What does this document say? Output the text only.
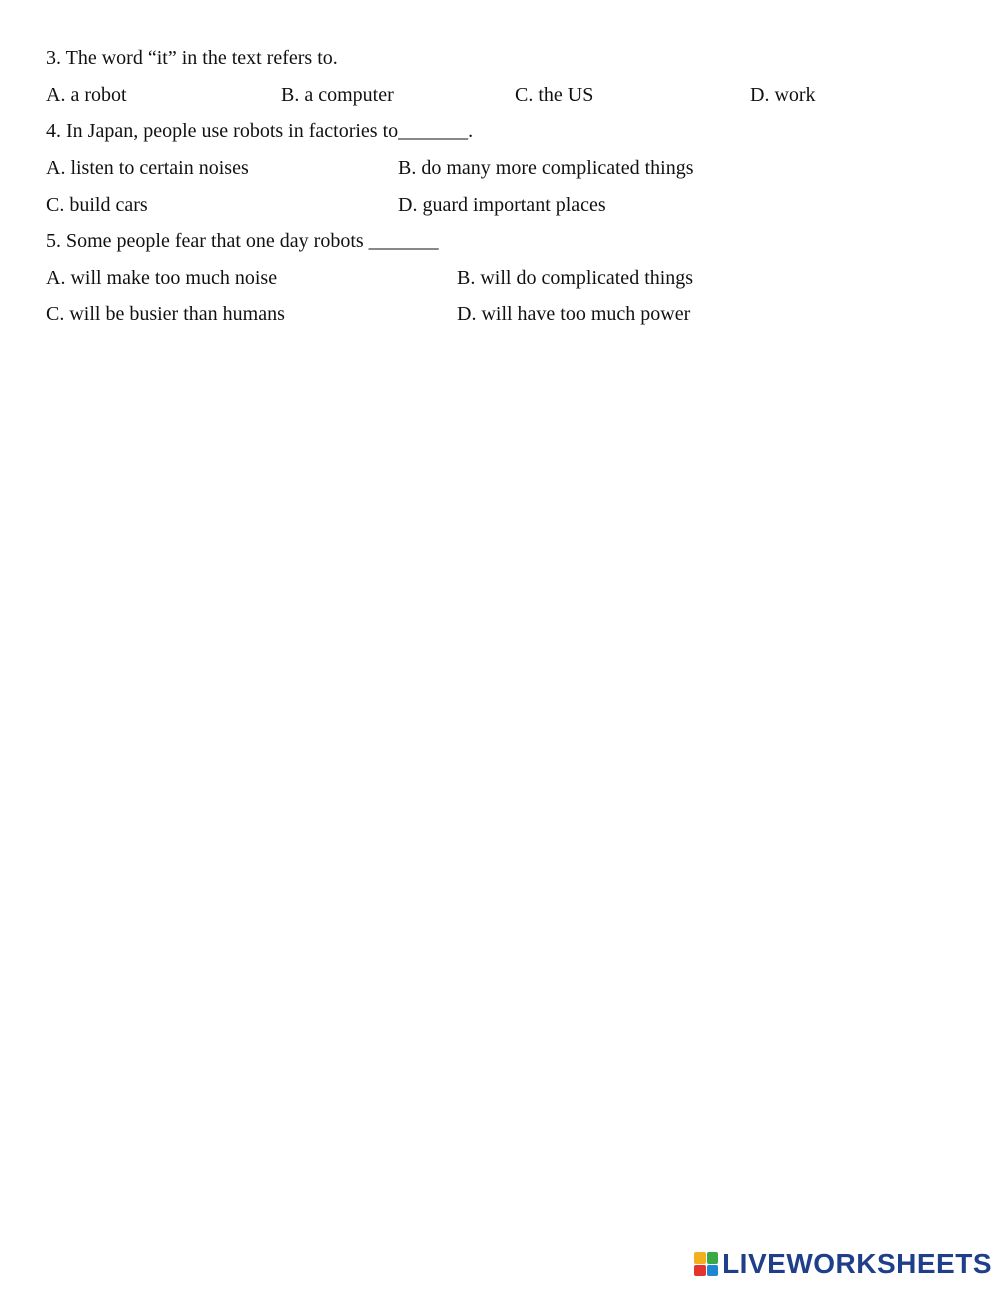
3. The word “it” in the text refers to.
A. a robot	B. a computer	C. the US	D. work
4. In Japan, people use robots in factories to_______.
A. listen to certain noises	B. do many more complicated things
C. build cars	D. guard important places
5. Some people fear that one day robots _______
A. will make too much noise	B. will do complicated things
C. will be busier than humans	D. will have too much power
LIVEWORKSHEETS
